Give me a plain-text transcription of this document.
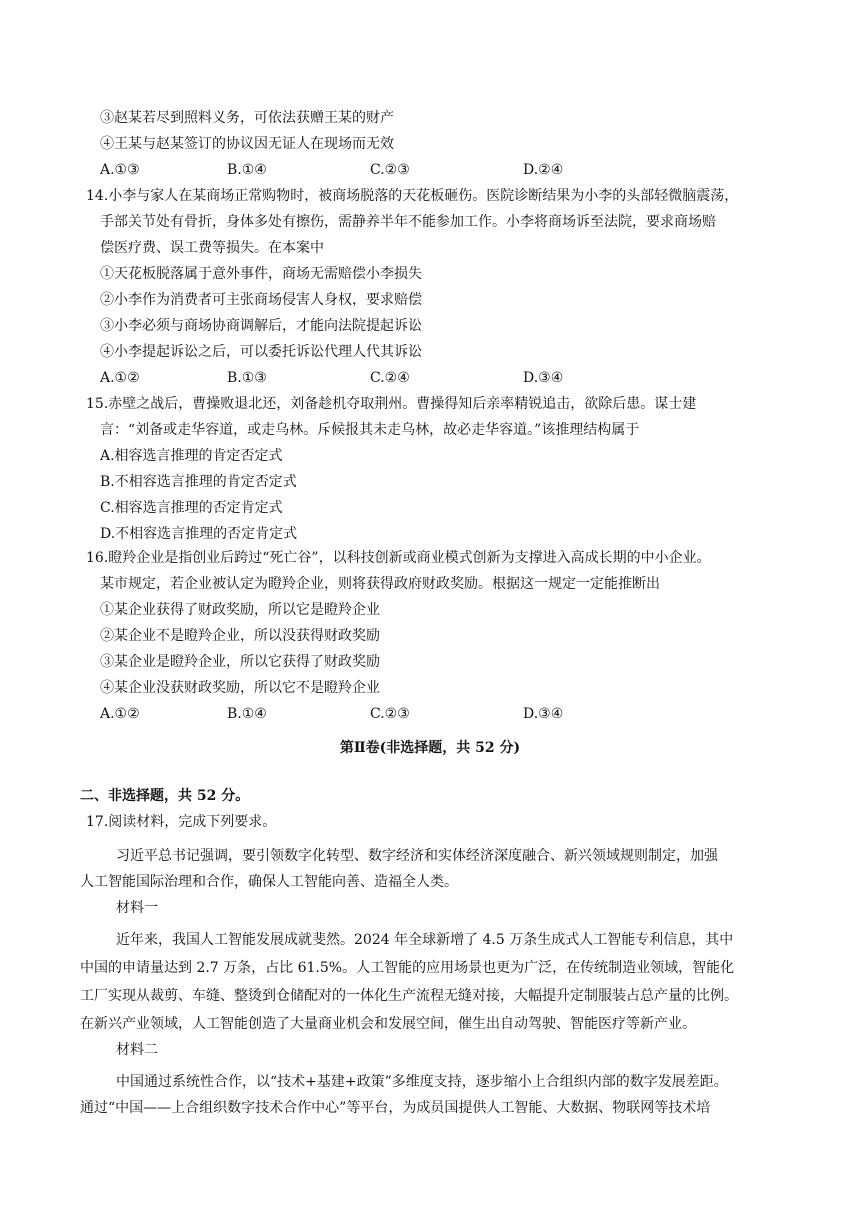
③赵某若尽到照料义务，可依法获赠王某的财产
④王某与赵某签订的协议因无证人在现场而无效
A.①③	B.①④	C.②③	D.②④
14.小李与家人在某商场正常购物时，被商场脱落的天花板砸伤。医院诊断结果为小李的头部轻微脑震荡，
手部关节处有骨折，身体多处有擦伤，需静养半年不能参加工作。小李将商场诉至法院，要求商场赔
偿医疗费、误工费等损失。在本案中
①天花板脱落属于意外事件，商场无需赔偿小李损失
②小李作为消费者可主张商场侵害人身权，要求赔偿
③小李必须与商场协商调解后，才能向法院提起诉讼
④小李提起诉讼之后，可以委托诉讼代理人代其诉讼
A.①②	B.①③	C.②④	D.③④
15.赤壁之战后，曹操败退北还，刘备趁机夺取荆州。曹操得知后亲率精锐追击，欲除后患。谋士建
言：“刘备或走华容道，或走乌林。斥候报其未走乌林，故必走华容道。”该推理结构属于
A.相容选言推理的肯定否定式
B.不相容选言推理的肯定否定式
C.相容选言推理的否定肯定式
D.不相容选言推理的否定肯定式
16.瞪羚企业是指创业后跨过“死亡谷”，以科技创新或商业模式创新为支撑进入高成长期的中小企业。
某市规定，若企业被认定为瞪羚企业，则将获得政府财政奖励。根据这一规定一定能推断出
①某企业获得了财政奖励，所以它是瞪羚企业
②某企业不是瞪羚企业，所以没获得财政奖励
③某企业是瞪羚企业，所以它获得了财政奖励
④某企业没获财政奖励，所以它不是瞪羚企业
A.①②	B.①④	C.②③	D.③④
第Ⅱ卷(非选择题，共 52 分)
二、非选择题，共 52 分。
17.阅读材料，完成下列要求。
习近平总书记强调，要引领数字化转型、数字经济和实体经济深度融合、新兴领域规则制定，加强
人工智能国际治理和合作，确保人工智能向善、造福全人类。
材料一
近年来，我国人工智能发展成就斐然。2024 年全球新增了 4.5 万条生成式人工智能专利信息，其中
中国的申请量达到 2.7 万条，占比 61.5%。人工智能的应用场景也更为广泛，在传统制造业领域，智能化
工厂实现从裁剪、车缝、整烫到仓储配对的一体化生产流程无缝对接，大幅提升定制服装占总产量的比例。
在新兴产业领域，人工智能创造了大量商业机会和发展空间，催生出自动驾驶、智能医疗等新产业。
材料二
中国通过系统性合作，以“技术+基建+政策”多维度支持，逐步缩小上合组织内部的数字发展差距。
通过“中国——上合组织数字技术合作中心”等平台，为成员国提供人工智能、大数据、物联网等技术培
